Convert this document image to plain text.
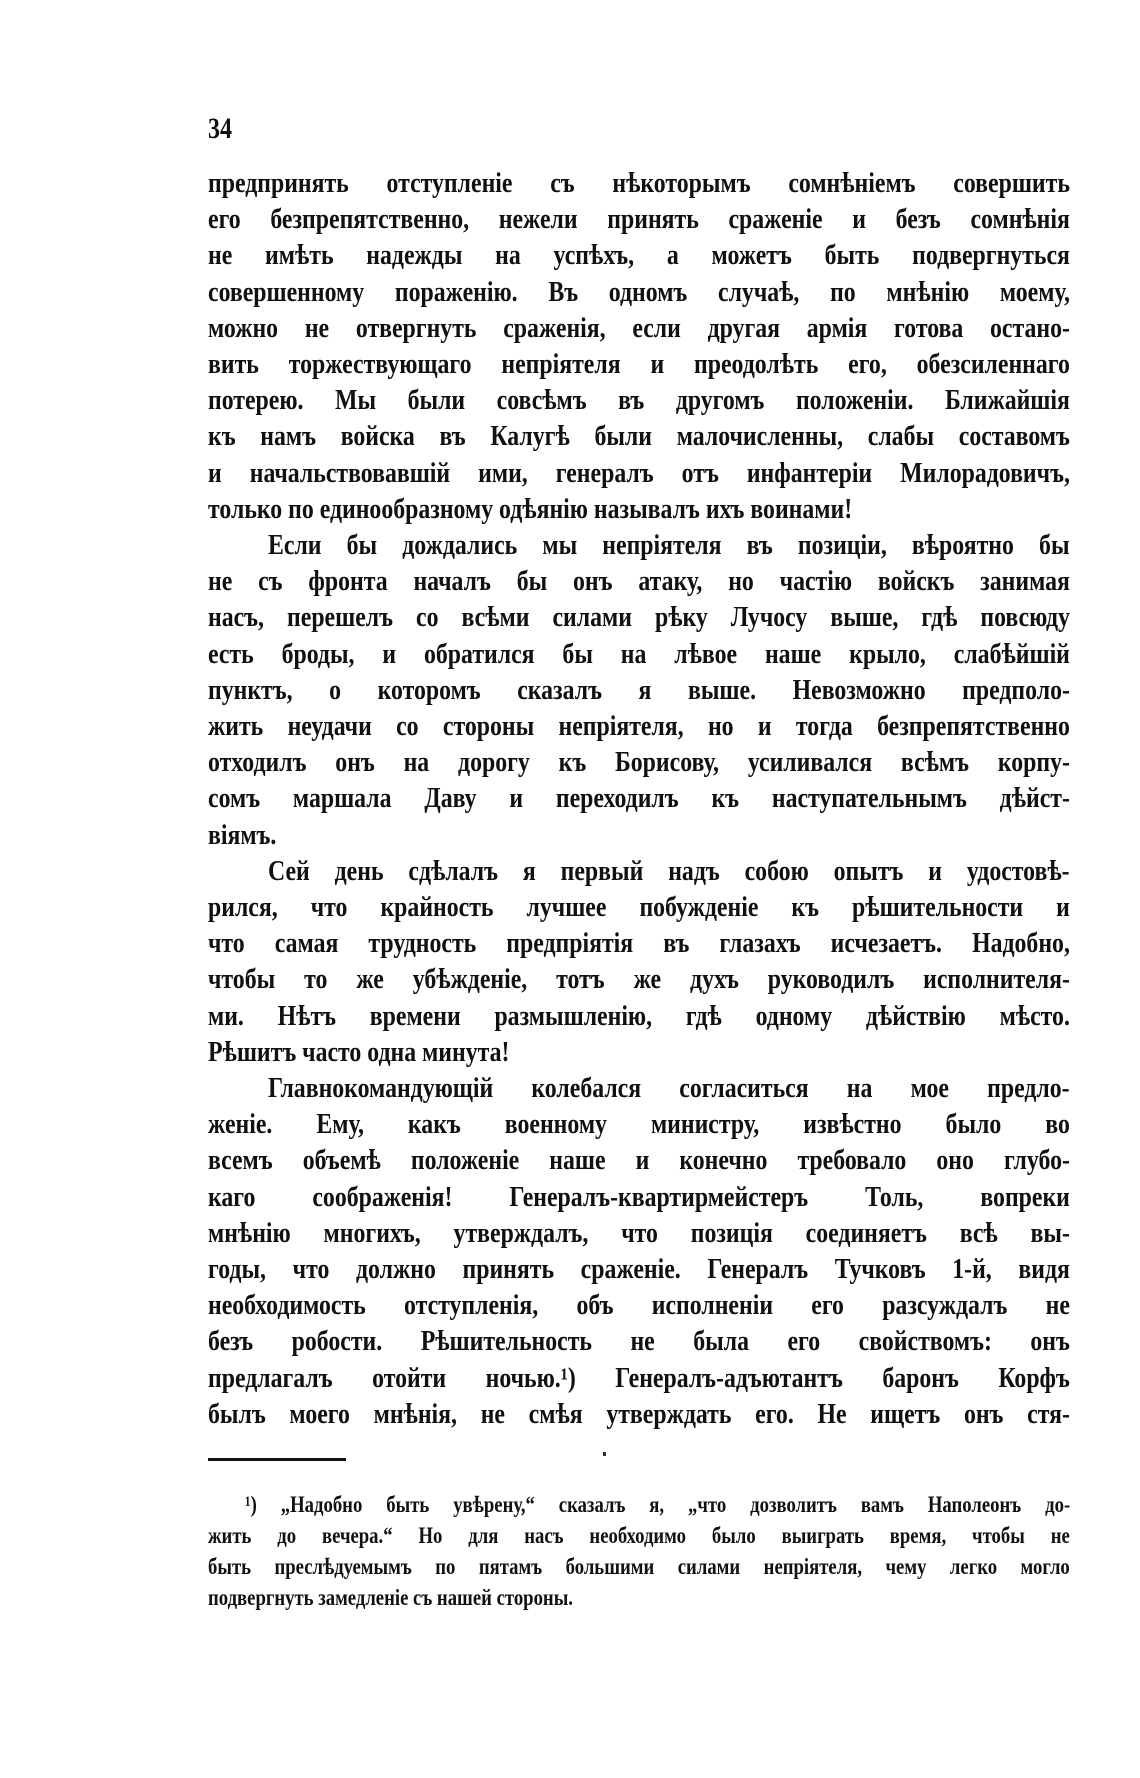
34
предпринять отступленіе съ нѣкоторымъ сомнѣніемъ совершить
его безпрепятственно, нежели принять сраженіе и безъ сомнѣнія
не имѣть надежды на успѣхъ, а можетъ быть подвергнуться
совершенному пораженію. Въ одномъ случаѣ, по мнѣнію моему,
можно не отвергнуть сраженія, если другая армія готова остано-
вить торжествующаго непріятеля и преодолѣть его, обезсиленнаго
потерею. Мы были совсѣмъ въ другомъ положеніи. Ближайшія
къ намъ войска въ Калугѣ были малочисленны, слабы составомъ
и начальствовавшій ими, генералъ отъ инфантеріи Милорадовичъ,
только по единообразному одѣянію называлъ ихъ воинами!
Если бы дождались мы непріятеля въ позиціи, вѣроятно бы
не съ фронта началъ бы онъ атаку, но частію войскъ занимая
насъ, перешелъ со всѣми силами рѣку Лучосу выше, гдѣ повсюду
есть броды, и обратился бы на лѣвое наше крыло, слабѣйшій
пунктъ, о которомъ сказалъ я выше. Невозможно предполо-
жить неудачи со стороны непріятеля, но и тогда безпрепятственно
отходилъ онъ на дорогу къ Борисову, усиливался всѣмъ корпу-
сомъ маршала Даву и переходилъ къ наступательнымъ дѣйст-
віямъ.
Сей день сдѣлалъ я первый надъ собою опытъ и удостовѣ-
рился, что крайность лучшее побужденіе къ рѣшительности и
что самая трудность предпріятія въ глазахъ исчезаетъ. Надобно,
чтобы то же убѣжденіе, тотъ же духъ руководилъ исполнителя-
ми. Нѣтъ времени размышленію, гдѣ одному дѣйствію мѣсто.
Рѣшитъ часто одна минута!
Главнокомандующій колебался согласиться на мое предло-
женіе. Ему, какъ военному министру, извѣстно было во
всемъ объемѣ положеніе наше и конечно требовало оно глубо-
каго соображенія! Генералъ-квартирмейстеръ Толь, вопреки
мнѣнію многихъ, утверждалъ, что позиція соединяетъ всѣ вы-
годы, что должно принять сраженіе. Генералъ Тучковъ 1-й, видя
необходимость отступленія, объ исполненіи его разсуждалъ не
безъ робости. Рѣшительность не была его свойствомъ: онъ
предлагалъ отойти ночью.¹) Генералъ-адъютантъ баронъ Корфъ
былъ моего мнѣнія, не смѣя утверждать его. Не ищетъ онъ стя-
¹) „Надобно быть увѣрену,“ сказалъ я, „что дозволитъ вамъ Наполеонъ до-
жить до вечера.“ Но для насъ необходимо было выиграть время, чтобы не
быть преслѣдуемымъ по пятамъ большими силами непріятеля, чему легко могло
подвергнуть замедленіе съ нашей стороны.
